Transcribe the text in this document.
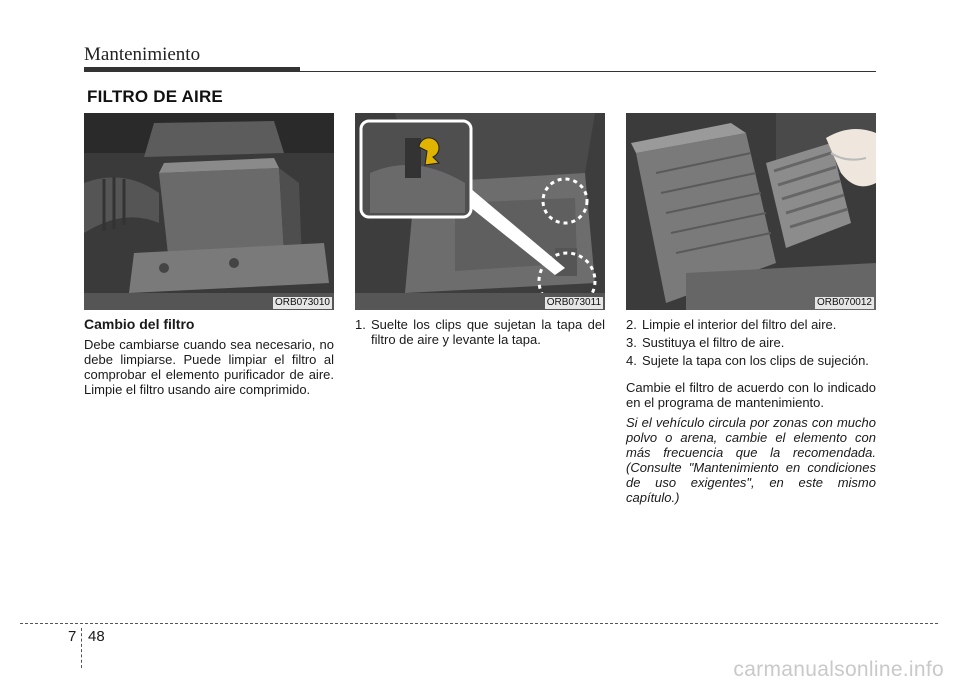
Mantenimiento
FILTRO DE AIRE
ORB073010	ORB073011	ORB070012
Cambio del filtro
Debe cambiarse cuando sea necesario, no debe limpiarse. Puede limpiar el filtro al comprobar el elemento purificador de aire. Limpie el filtro usando aire comprimido.
1. Suelte los clips que sujetan la tapa del filtro de aire y levante la tapa.
2. Limpie el interior del filtro del aire.
3. Sustituya el filtro de aire.
4. Sujete la tapa con los clips de sujeción.
Cambie el filtro de acuerdo con lo indicado en el programa de mantenimiento.
Si el vehículo circula por zonas con mucho polvo o arena, cambie el elemento con más frecuencia que la recomendada. (Consulte "Mantenimiento en condiciones de uso exigentes", en este mismo capítulo.)
7 48
carmanualsonline.info
